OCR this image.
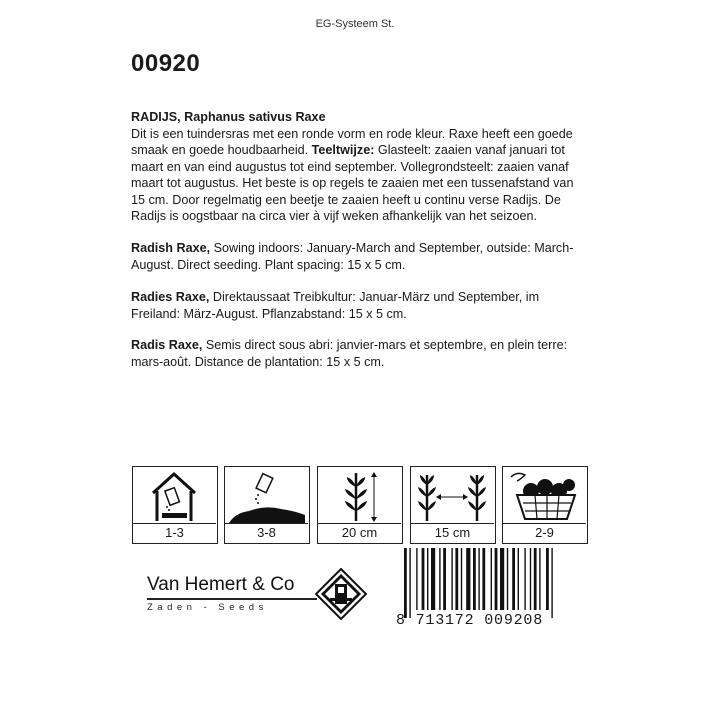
EG-Systeem St.
00920

RADIJS, Raphanus sativus Raxe
Dit is een tuindersras met een ronde vorm en rode kleur. Raxe heeft een goede smaak en goede houdbaarheid. Teeltwijze: Glasteelt: zaaien vanaf januari tot maart en van eind augustus tot eind september. Vollegrondsteelt: zaaien vanaf maart tot augustus. Het beste is op regels te zaaien met een tussenafstand van 15 cm. Door regelmatig een beetje te zaaien heeft u continu verse Radijs. De Radijs is oogstbaar na circa vier à vijf weken afhankelijk van het seizoen.

Radish Raxe, Sowing indoors: January-March and September, outside: March-August. Direct seeding. Plant spacing: 15 x 5 cm.

Radies Raxe, Direktaussaat Treibkultur: Januar-März und September, im Freiland: März-August. Pflanzabstand: 15 x 5 cm.

Radis Raxe, Semis direct sous abri: janvier-mars et septembre, en plein terre: mars-août. Distance de plantation: 15 x 5 cm.

1-3	3-8	20 cm	15 cm	2-9
Van Hemert & Co
Zaden - Seeds
8 713172 009208
